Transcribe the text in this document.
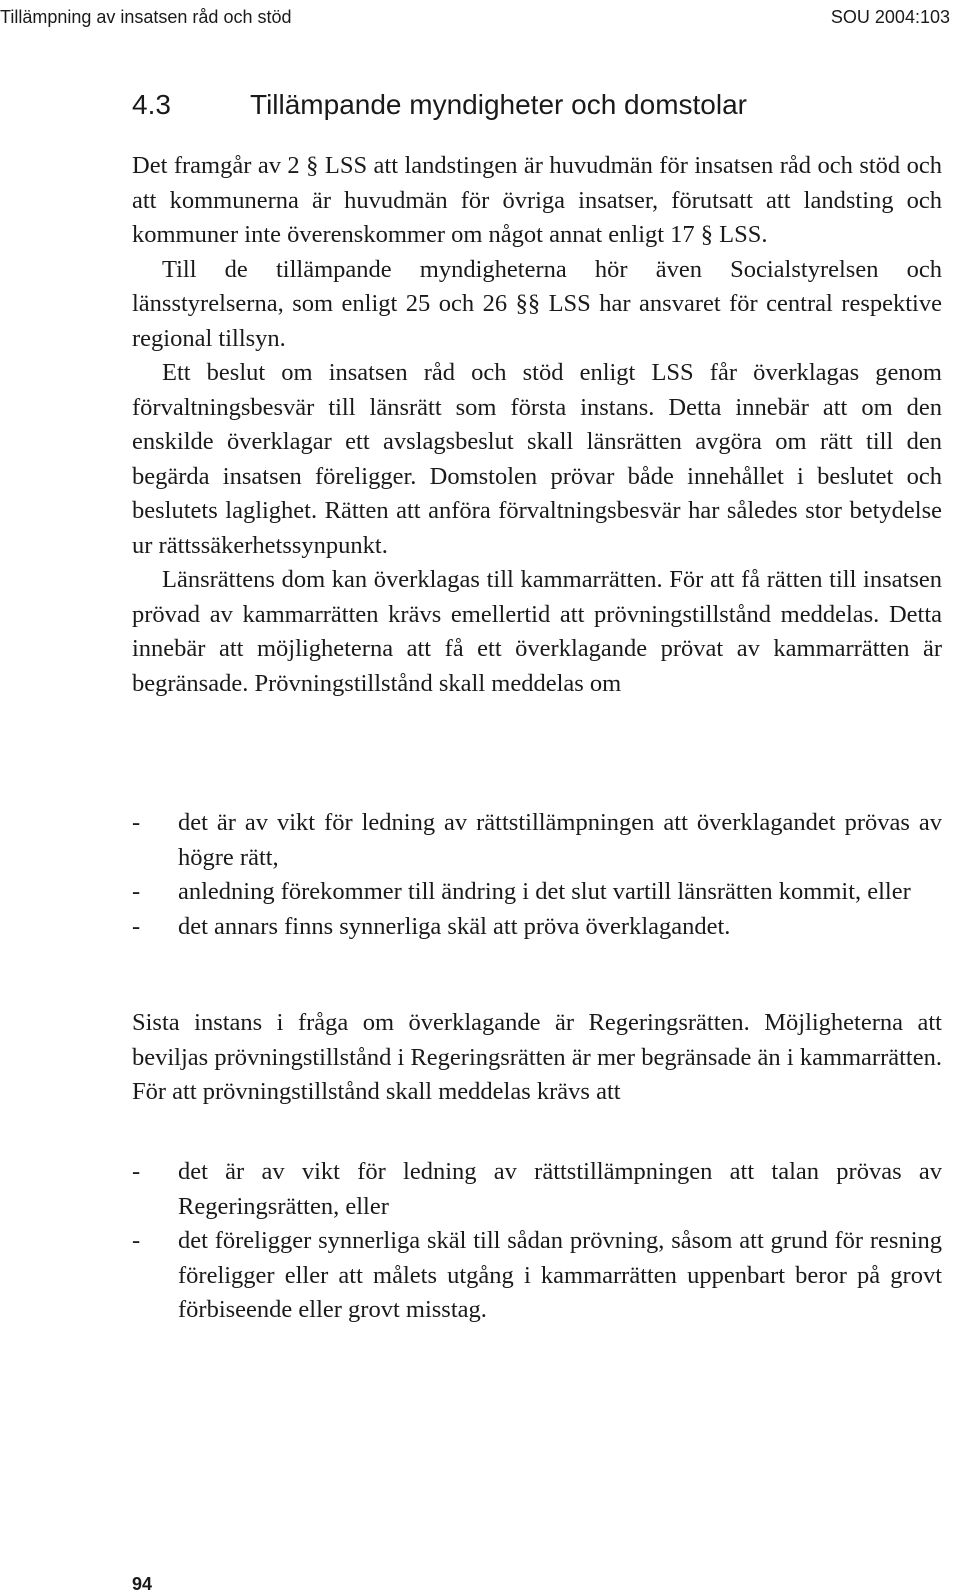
Tillämpning av insatsen råd och stöd	SOU 2004:103
4.3	Tillämpande myndigheter och domstolar

Det framgår av 2 § LSS att landstingen är huvudmän för insatsen råd och stöd och att kommunerna är huvudmän för övriga insatser, förutsatt att landsting och kommuner inte överenskommer om något annat enligt 17 § LSS.

Till de tillämpande myndigheterna hör även Socialstyrelsen och länsstyrelserna, som enligt 25 och 26 §§ LSS har ansvaret för central respektive regional tillsyn.

Ett beslut om insatsen råd och stöd enligt LSS får överklagas genom förvaltningsbesvär till länsrätt som första instans. Detta innebär att om den enskilde överklagar ett avslagsbeslut skall länsrätten avgöra om rätt till den begärda insatsen föreligger. Domstolen prövar både innehållet i beslutet och beslutets laglighet. Rätten att anföra förvaltningsbesvär har således stor betydelse ur rättssäkerhetssynpunkt.

Länsrättens dom kan överklagas till kammarrätten. För att få rätten till insatsen prövad av kammarrätten krävs emellertid att prövningstillstånd meddelas. Detta innebär att möjligheterna att få ett överklagande prövat av kammarrätten är begränsade. Prövningstillstånd skall meddelas om

- det är av vikt för ledning av rättstillämpningen att överklagandet prövas av högre rätt,
- anledning förekommer till ändring i det slut vartill länsrätten kommit, eller
- det annars finns synnerliga skäl att pröva överklagandet.

Sista instans i fråga om överklagande är Regeringsrätten. Möjligheterna att beviljas prövningstillstånd i Regeringsrätten är mer begränsade än i kammarrätten. För att prövningstillstånd skall meddelas krävs att

- det är av vikt för ledning av rättstillämpningen att talan prövas av Regeringsrätten, eller
- det föreligger synnerliga skäl till sådan prövning, såsom att grund för resning föreligger eller att målets utgång i kammarrätten uppenbart beror på grovt förbiseende eller grovt misstag.
94
